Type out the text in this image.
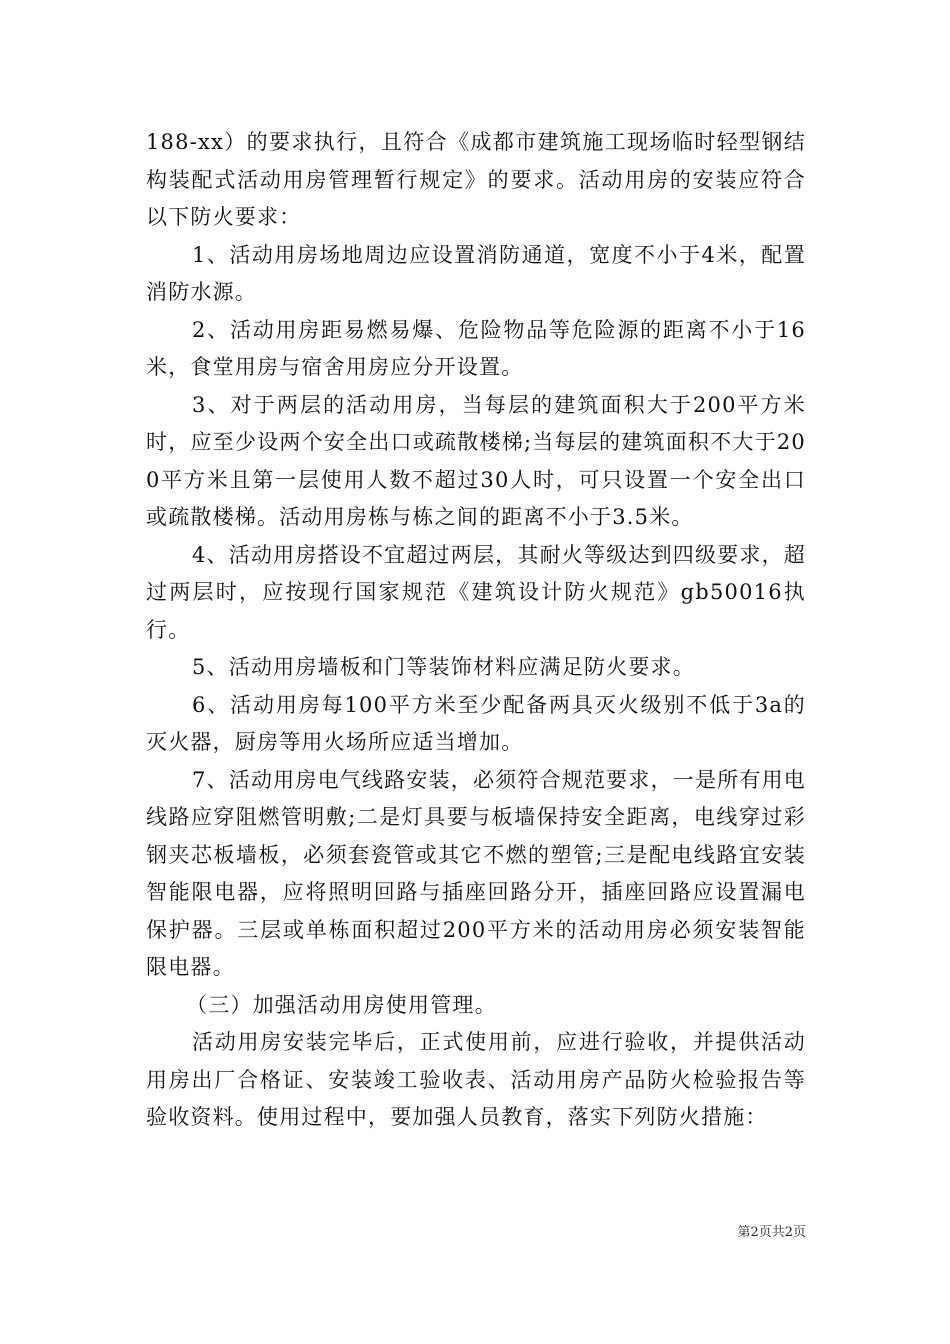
188-xx）的要求执行，且符合《成都市建筑施工现场临时轻型钢结构装配式活动用房管理暂行规定》的要求。活动用房的安装应符合以下防火要求：

1、活动用房场地周边应设置消防通道，宽度不小于4米，配置消防水源。

2、活动用房距易燃易爆、危险物品等危险源的距离不小于16米，食堂用房与宿舍用房应分开设置。

3、对于两层的活动用房，当每层的建筑面积大于200平方米时，应至少设两个安全出口或疏散楼梯;当每层的建筑面积不大于200平方米且第一层使用人数不超过30人时，可只设置一个安全出口或疏散楼梯。活动用房栋与栋之间的距离不小于3.5米。

4、活动用房搭设不宜超过两层，其耐火等级达到四级要求，超过两层时，应按现行国家规范《建筑设计防火规范》gb50016执行。

5、活动用房墙板和门等装饰材料应满足防火要求。

6、活动用房每100平方米至少配备两具灭火级别不低于3a的灭火器，厨房等用火场所应适当增加。

7、活动用房电气线路安装，必须符合规范要求，一是所有用电线路应穿阻燃管明敷;二是灯具要与板墙保持安全距离，电线穿过彩钢夹芯板墙板，必须套瓷管或其它不燃的塑管;三是配电线路宜安装智能限电器，应将照明回路与插座回路分开，插座回路应设置漏电保护器。三层或单栋面积超过200平方米的活动用房必须安装智能限电器。

（三）加强活动用房使用管理。

活动用房安装完毕后，正式使用前，应进行验收，并提供活动用房出厂合格证、安装竣工验收表、活动用房产品防火检验报告等验收资料。使用过程中，要加强人员教育，落实下列防火措施：

第2页共2页
